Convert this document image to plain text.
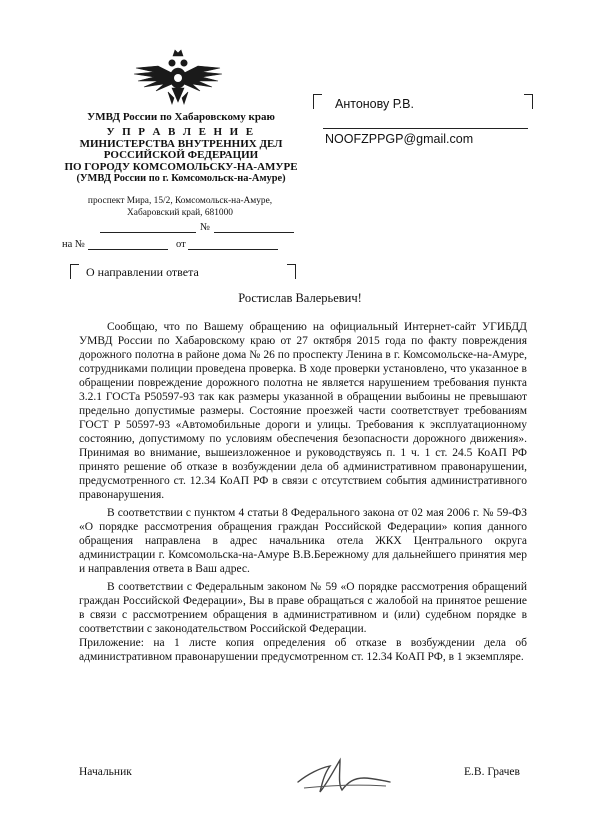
УМВД России по Хабаровскому краю
У П Р А В Л Е Н И Е
МИНИСТЕРСТВА ВНУТРЕННИХ ДЕЛ
РОССИЙСКОЙ ФЕДЕРАЦИИ
ПО ГОРОДУ КОМСОМОЛЬСКУ-НА-АМУРЕ
(УМВД России по г. Комсомольск-на-Амуре)
проспект Мира, 15/2, Комсомольск-на-Амуре,
Хабаровский край, 681000
№
на №	от
О направлении ответа
Антонову Р.В.
NOOFZPPGP@gmail.com
Ростислав Валерьевич!

Сообщаю, что по Вашему обращению на официальный Интернет-сайт УГИБДД УМВД России по Хабаровскому краю от 27 октября 2015 года по факту повреждения дорожного полотна в районе дома № 26 по проспекту Ленина в г. Комсомольске-на-Амуре, сотрудниками полиции проведена проверка. В ходе проверки установлено, что указанное в обращении повреждение дорожного полотна не является нарушением требования пункта 3.2.1 ГОСТа Р50597-93 так как размеры указанной в обращении выбоины не превышают предельно допустимые размеры. Состояние проезжей части соответствует требованиям ГОСТ Р 50597-93 «Автомобильные дороги и улицы. Требования к эксплуатационному состоянию, допустимому по условиям обеспечения безопасности дорожного движения». Принимая во внимание, вышеизложенное и руководствуясь п. 1 ч. 1 ст. 24.5 КоАП РФ принято решение об отказе в возбуждении дела об административном правонарушении, предусмотренного ст. 12.34 КоАП РФ в связи с отсутствием события административного правонарушения.

В соответствии с пунктом 4 статьи 8 Федерального закона от 02 мая 2006 г. № 59-ФЗ «О порядке рассмотрения обращения граждан Российской Федерации» копия данного обращения направлена в адрес начальника отела ЖКХ Центрального округа администрации г. Комсомольска-на-Амуре В.В.Бережному для дальнейшего принятия мер и направления ответа в Ваш адрес.

В соответствии с Федеральным законом № 59 «О порядке рассмотрения обращений граждан Российской Федерации», Вы в праве обращаться с жалобой на принятое решение в связи с рассмотрением обращения в административном и (или) судебном порядке в соответствии с законодательством Российской Федерации.

Приложение: на 1 листе копия определения об отказе в возбуждении дела об административном правонарушении предусмотренном ст. 12.34 КоАП РФ, в 1 экземпляре.

Начальник	Е.В. Грачев
